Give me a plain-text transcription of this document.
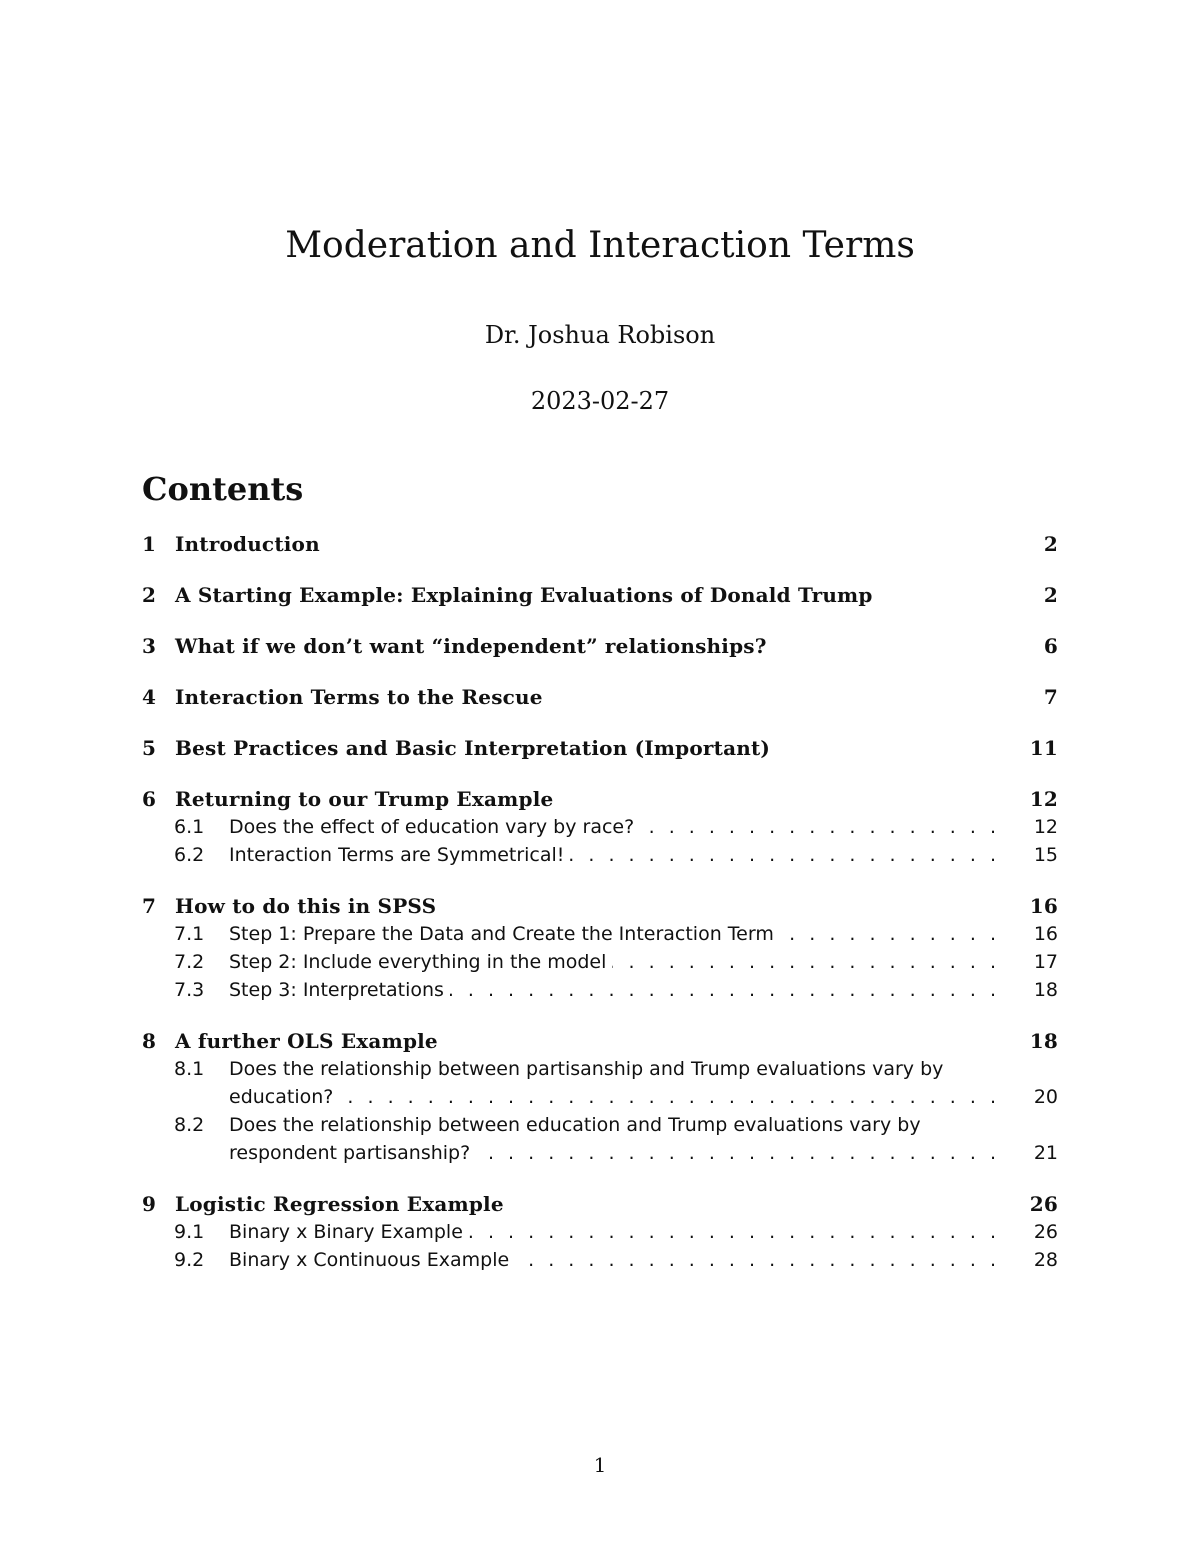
Moderation and Interaction Terms
Dr. Joshua Robison
2023-02-27
Contents
1 Introduction	2
2 A Starting Example: Explaining Evaluations of Donald Trump	2
3 What if we don’t want “independent” relationships?	6
4 Interaction Terms to the Rescue	7
5 Best Practices and Basic Interpretation (Important)	11
6 Returning to our Trump Example	12
6.1 Does the effect of education vary by race? . . .	12
6.2 Interaction Terms are Symmetrical! . . .	15
7 How to do this in SPSS	16
7.1 Step 1: Prepare the Data and Create the Interaction Term . . .	16
7.2 Step 2: Include everything in the model . . .	17
7.3 Step 3: Interpretations . . .	18
8 A further OLS Example	18
8.1 Does the relationship between partisanship and Trump evaluations vary by education? . . .	20
8.2 Does the relationship between education and Trump evaluations vary by respondent partisanship? . . .	21
9 Logistic Regression Example	26
9.1 Binary x Binary Example . . .	26
9.2 Binary x Continuous Example . . .	28
1
